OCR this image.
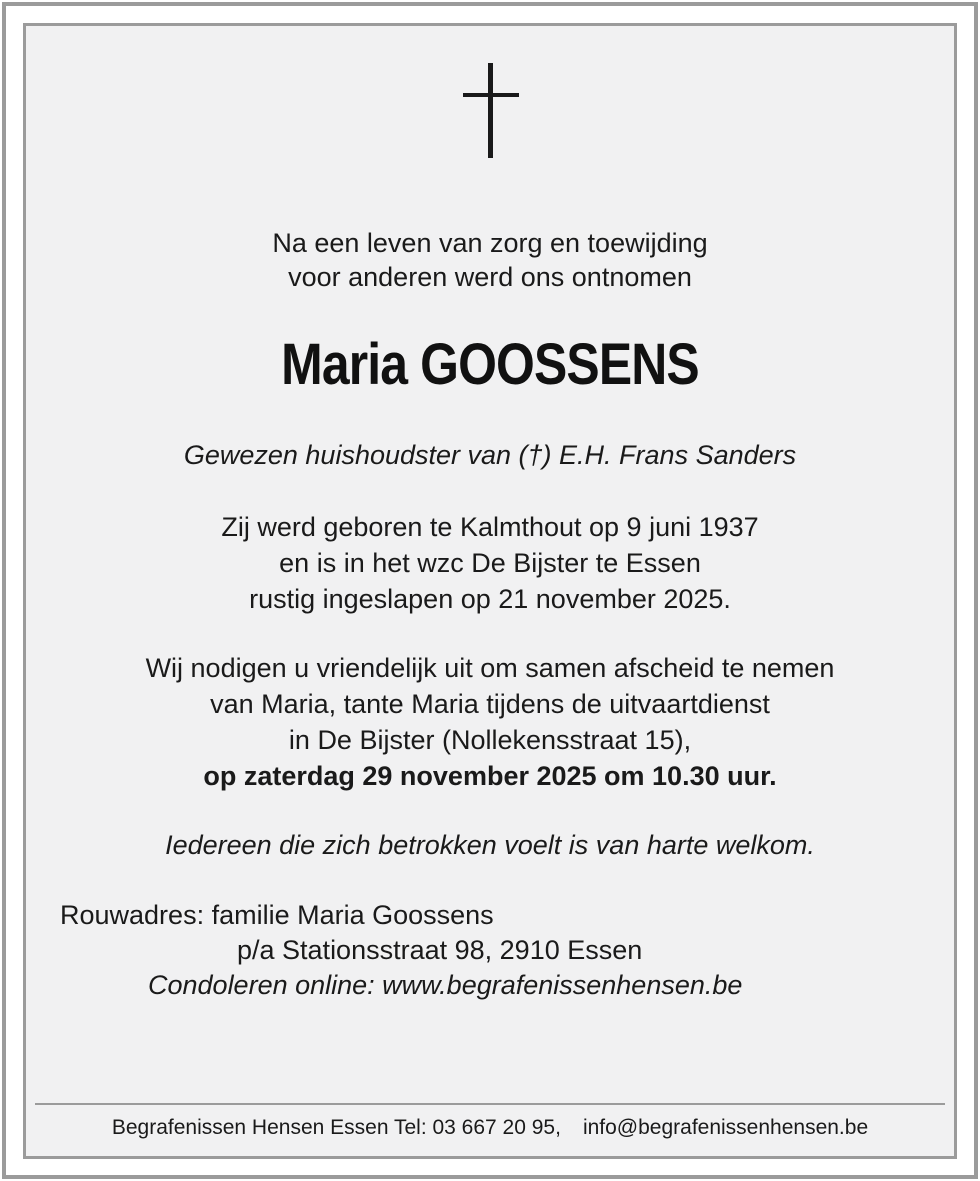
Na een leven van zorg en toewijding
voor anderen werd ons ontnomen
Maria GOOSSENS
Gewezen huishoudster van (†) E.H. Frans Sanders
Zij werd geboren te Kalmthout op 9 juni 1937
en is in het wzc De Bijster te Essen
rustig ingeslapen op 21 november 2025.
Wij nodigen u vriendelijk uit om samen afscheid te nemen
van Maria, tante Maria tijdens de uitvaartdienst
in De Bijster (Nollekensstraat 15),
op zaterdag 29 november 2025 om 10.30 uur.
Iedereen die zich betrokken voelt is van harte welkom.
Rouwadres: familie Maria Goossens
p/a Stationsstraat 98, 2910 Essen
Condoleren online: www.begrafenissenhensen.be
Begrafenissen Hensen Essen Tel: 03 667 20 95, info@begrafenissenhensen.be
